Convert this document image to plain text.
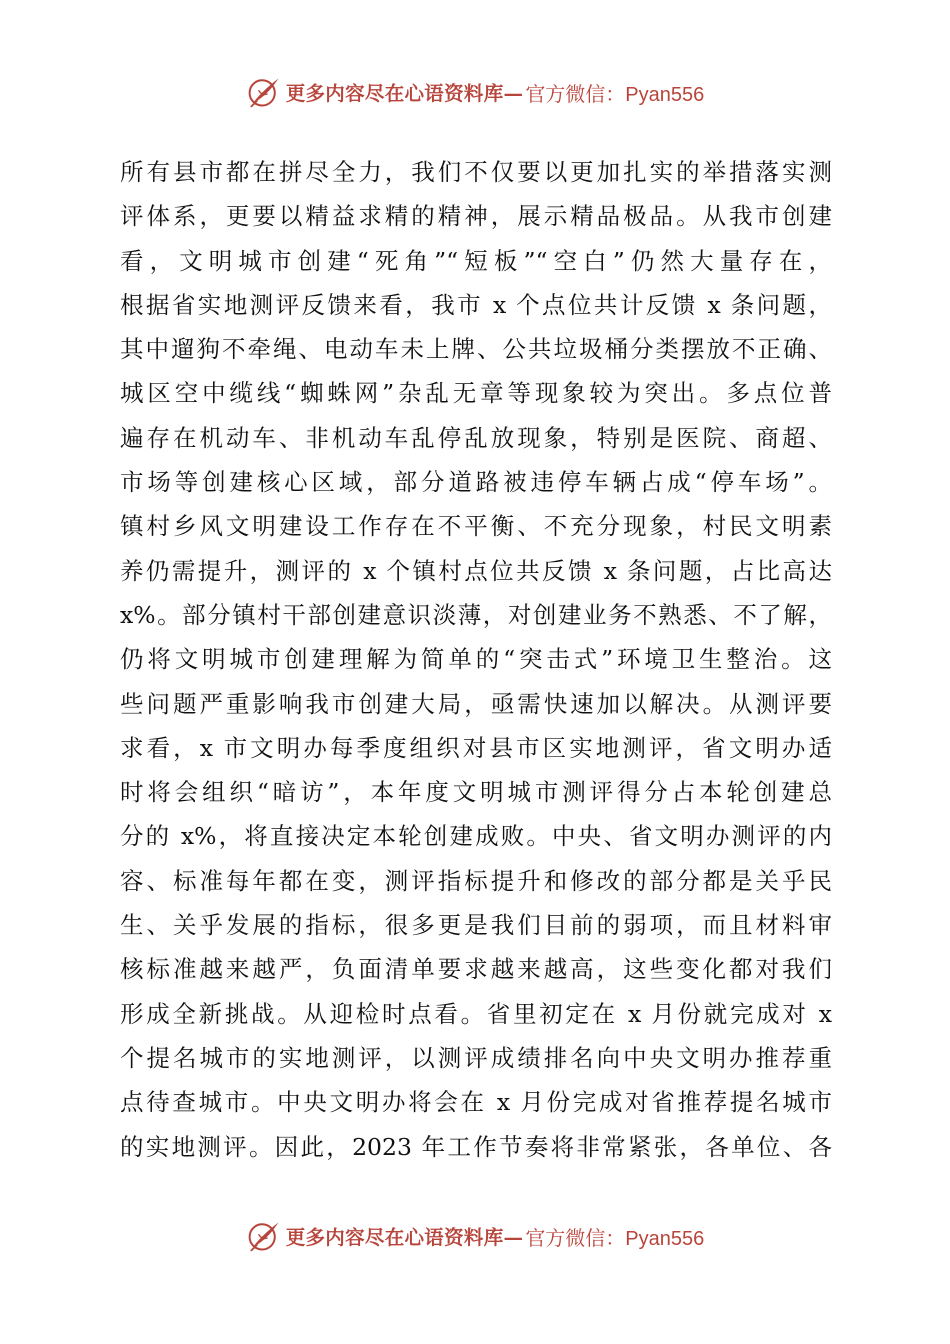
更多内容尽在心语资料库— 官方微信：Pyan556
所有县市都在拼尽全力，我们不仅要以更加扎实的举措落实测
评体系，更要以精益求精的精神，展示精品极品。从我市创建
看，文明城市创建“死角”“短板”“空白”仍然大量存在，
根据省实地测评反馈来看，我市 x 个点位共计反馈 x 条问题，
其中遛狗不牵绳、电动车未上牌、公共垃圾桶分类摆放不正确、
城区空中缆线“蜘蛛网”杂乱无章等现象较为突出。多点位普
遍存在机动车、非机动车乱停乱放现象，特别是医院、商超、
市场等创建核心区域，部分道路被违停车辆占成“停车场”。
镇村乡风文明建设工作存在不平衡、不充分现象，村民文明素
养仍需提升，测评的 x 个镇村点位共反馈 x 条问题，占比高达
x%。部分镇村干部创建意识淡薄，对创建业务不熟悉、不了解，
仍将文明城市创建理解为简单的“突击式”环境卫生整治。这
些问题严重影响我市创建大局，亟需快速加以解决。从测评要
求看，x 市文明办每季度组织对县市区实地测评，省文明办适
时将会组织“暗访”，本年度文明城市测评得分占本轮创建总
分的 x%，将直接决定本轮创建成败。中央、省文明办测评的内
容、标准每年都在变，测评指标提升和修改的部分都是关乎民
生、关乎发展的指标，很多更是我们目前的弱项，而且材料审
核标准越来越严，负面清单要求越来越高，这些变化都对我们
形成全新挑战。从迎检时点看。省里初定在 x 月份就完成对 x
个提名城市的实地测评，以测评成绩排名向中央文明办推荐重
点待查城市。中央文明办将会在 x 月份完成对省推荐提名城市
的实地测评。因此，2023 年工作节奏将非常紧张，各单位、各
更多内容尽在心语资料库— 官方微信：Pyan556
